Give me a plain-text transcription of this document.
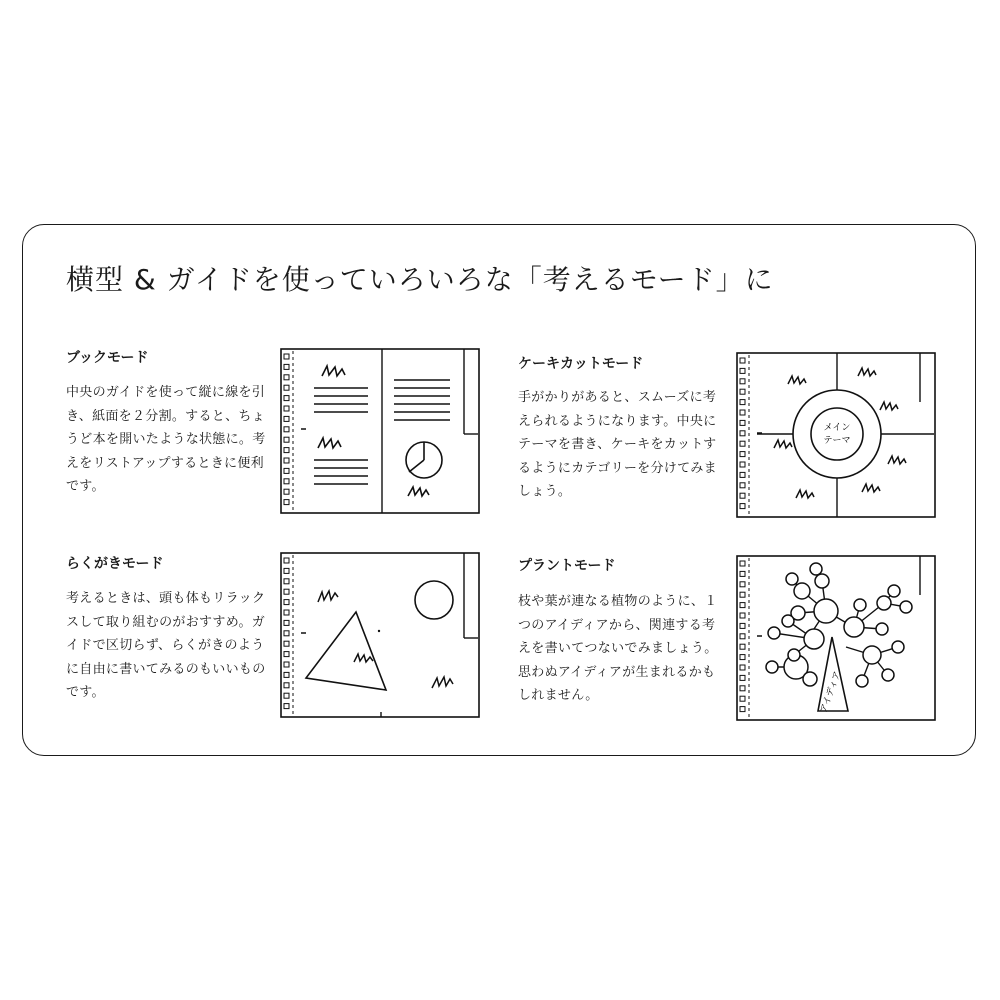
横型 & ガイドを使っていろいろな「考えるモード」に
ブックモード
中央のガイドを使って縦に線を引き、紙面を２分割。すると、ちょうど本を開いたような状態に。考えをリストアップするときに便利です。
ケーキカットモード
手がかりがあると、スムーズに考えられるようになります。中央にテーマを書き、ケーキをカットするようにカテゴリーを分けてみましょう。
メイン
テーマ
らくがきモード
考えるときは、頭も体もリラックスして取り組むのがおすすめ。ガイドで区切らず、らくがきのように自由に書いてみるのもいいものです。
プラントモード
枝や葉が連なる植物のように、１つのアイディアから、関連する考えを書いてつないでみましょう。思わぬアイディアが生まれるかもしれません。	アイディア
